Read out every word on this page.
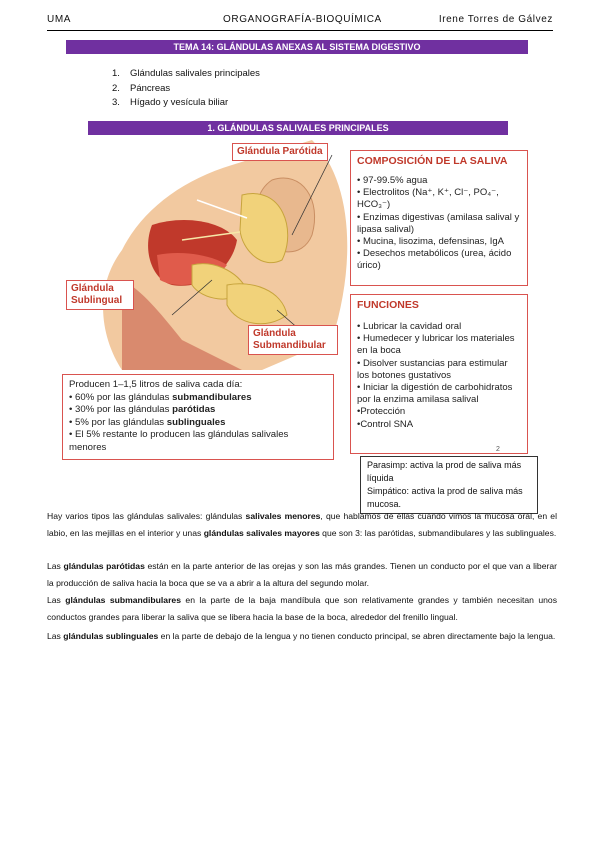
UMA	ORGANOGRAFÍA-BIOQUÍMICA	Irene Torres de Gálvez
TEMA 14: GLÁNDULAS ANEXAS AL SISTEMA DIGESTIVO
1. Glándulas salivales principales
2. Páncreas
3. Hígado y vesícula biliar
1. GLÁNDULAS SALIVALES PRINCIPALES
Glándula Parótida
Glándula
Sublingual
Glándula
Submandibular
COMPOSICIÓN DE LA SALIVA
• 97-99.5% agua
• Electrolitos (Na⁺, K⁺, Cl⁻, PO₄⁻, HCO₃⁻)
• Enzimas digestivas (amilasa salival y lipasa salival)
• Mucina, lisozima, defensinas, IgA
• Desechos metabólicos (urea, ácido úrico)
FUNCIONES
• Lubricar la cavidad oral
• Humedecer y lubricar los materiales en la boca
• Disolver sustancias para estimular los botones gustativos
• Iniciar la digestión de carbohidratos por la enzima amilasa salival
•Protección
•Control SNA
Producen 1–1,5 litros de saliva cada día:
• 60% por las glándulas submandibulares
• 30% por las glándulas parótidas
• 5% por las glándulas sublinguales
• El 5% restante lo producen las glándulas salivales menores	2
Parasimp: activa la prod de saliva más líquida
Simpático: activa la prod de saliva más mucosa.
Hay varios tipos las glándulas salivales: glándulas salivales menores, que hablamos de ellas cuando vimos la mucosa oral, en el labio, en las mejillas en el interior y unas glándulas salivales mayores que son 3: las parótidas, submandibulares y las sublinguales.
Las glándulas parótidas están en la parte anterior de las orejas y son las más grandes. Tienen un conducto por el que van a liberar la producción de saliva hacia la boca que se va a abrir a la altura del segundo molar.
Las glándulas submandibulares en la parte de la baja mandíbula que son relativamente grandes y también necesitan unos conductos grandes para liberar la saliva que se libera hacia la base de la boca, alrededor del frenillo lingual.
Las glándulas sublinguales en la parte de debajo de la lengua y no tienen conducto principal, se abren directamente bajo la lengua.
